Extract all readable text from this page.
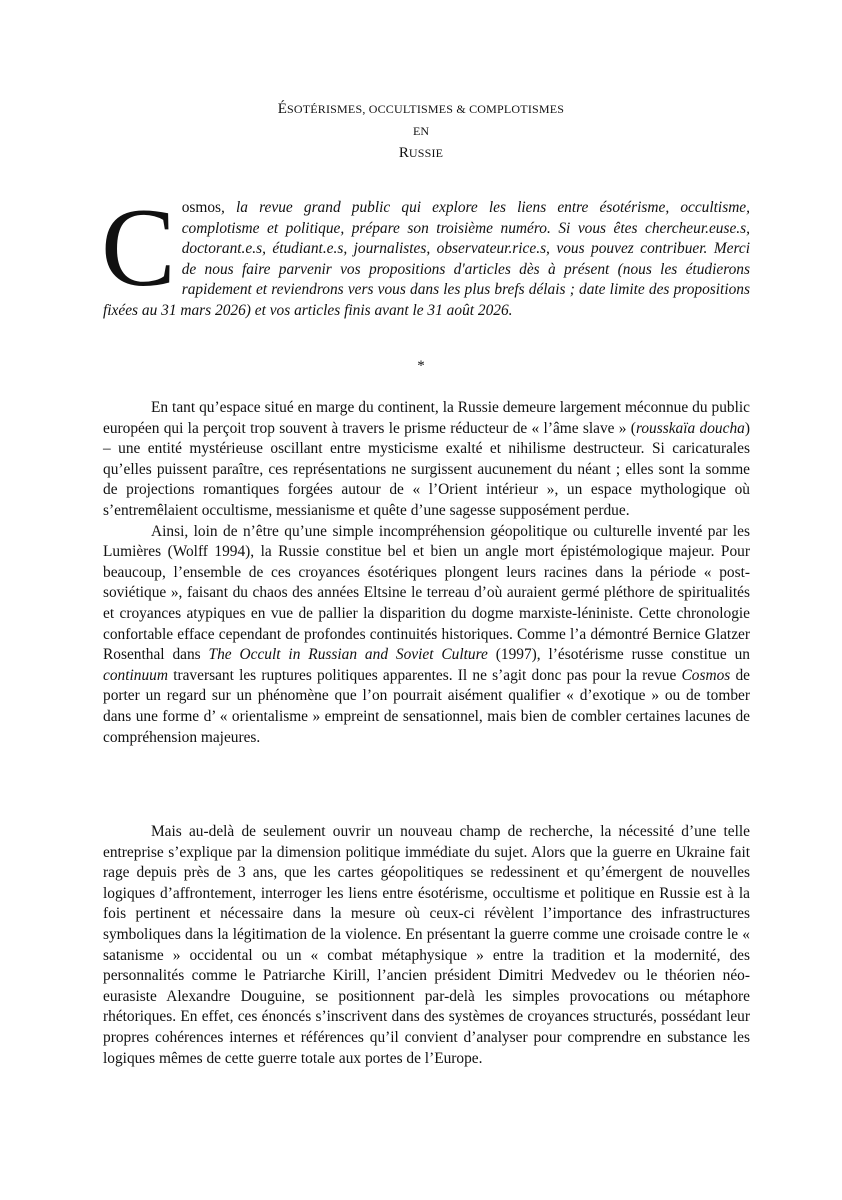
ÉSOTÉRISMES, OCCULTISMES & COMPLOTISMES
EN
RUSSIE
Cosmos, la revue grand public qui explore les liens entre ésotérisme, occultisme, complotisme et politique, prépare son troisième numéro. Si vous êtes chercheur.euse.s, doctorant.e.s, étudiant.e.s, journalistes, observateur.rice.s, vous pouvez contribuer. Merci de nous faire parvenir vos propositions d'articles dès à présent (nous les étudierons rapidement et reviendrons vers vous dans les plus brefs délais ; date limite des propositions fixées au 31 mars 2026) et vos articles finis avant le 31 août 2026.
*

En tant qu’espace situé en marge du continent, la Russie demeure largement méconnue du public européen qui la perçoit trop souvent à travers le prisme réducteur de « l’âme slave » (rousskaïa doucha) – une entité mystérieuse oscillant entre mysticisme exalté et nihilisme destructeur. Si caricaturales qu’elles puissent paraître, ces représentations ne surgissent aucunement du néant ; elles sont la somme de projections romantiques forgées autour de « l’Orient intérieur », un espace mythologique où s’entremêlaient occultisme, messianisme et quête d’une sagesse supposément perdue.

Ainsi, loin de n’être qu’une simple incompréhension géopolitique ou culturelle inventé par les Lumières (Wolff 1994), la Russie constitue bel et bien un angle mort épistémologique majeur. Pour beaucoup, l’ensemble de ces croyances ésotériques plongent leurs racines dans la période « post-soviétique », faisant du chaos des années Eltsine le terreau d’où auraient germé pléthore de spiritualités et croyances atypiques en vue de pallier la disparition du dogme marxiste-léniniste. Cette chronologie confortable efface cependant de profondes continuités historiques. Comme l’a démontré Bernice Glatzer Rosenthal dans The Occult in Russian and Soviet Culture (1997), l’ésotérisme russe constitue un continuum traversant les ruptures politiques apparentes. Il ne s’agit donc pas pour la revue Cosmos de porter un regard sur un phénomène que l’on pourrait aisément qualifier « d’exotique » ou de tomber dans une forme d’ « orientalisme » empreint de sensationnel, mais bien de combler certaines lacunes de compréhension majeures.

Mais au-delà de seulement ouvrir un nouveau champ de recherche, la nécessité d’une telle entreprise s’explique par la dimension politique immédiate du sujet. Alors que la guerre en Ukraine fait rage depuis près de 3 ans, que les cartes géopolitiques se redessinent et qu’émergent de nouvelles logiques d’affrontement, interroger les liens entre ésotérisme, occultisme et politique en Russie est à la fois pertinent et nécessaire dans la mesure où ceux-ci révèlent l’importance des infrastructures symboliques dans la légitimation de la violence. En présentant la guerre comme une croisade contre le « satanisme » occidental ou un « combat métaphysique » entre la tradition et la modernité, des personnalités comme le Patriarche Kirill, l’ancien président Dimitri Medvedev ou le théorien néo-eurasiste Alexandre Douguine, se positionnent par-delà les simples provocations ou métaphore rhétoriques. En effet, ces énoncés s’inscrivent dans des systèmes de croyances structurés, possédant leur propres cohérences internes et références qu’il convient d’analyser pour comprendre en substance les logiques mêmes de cette guerre totale aux portes de l’Europe.
